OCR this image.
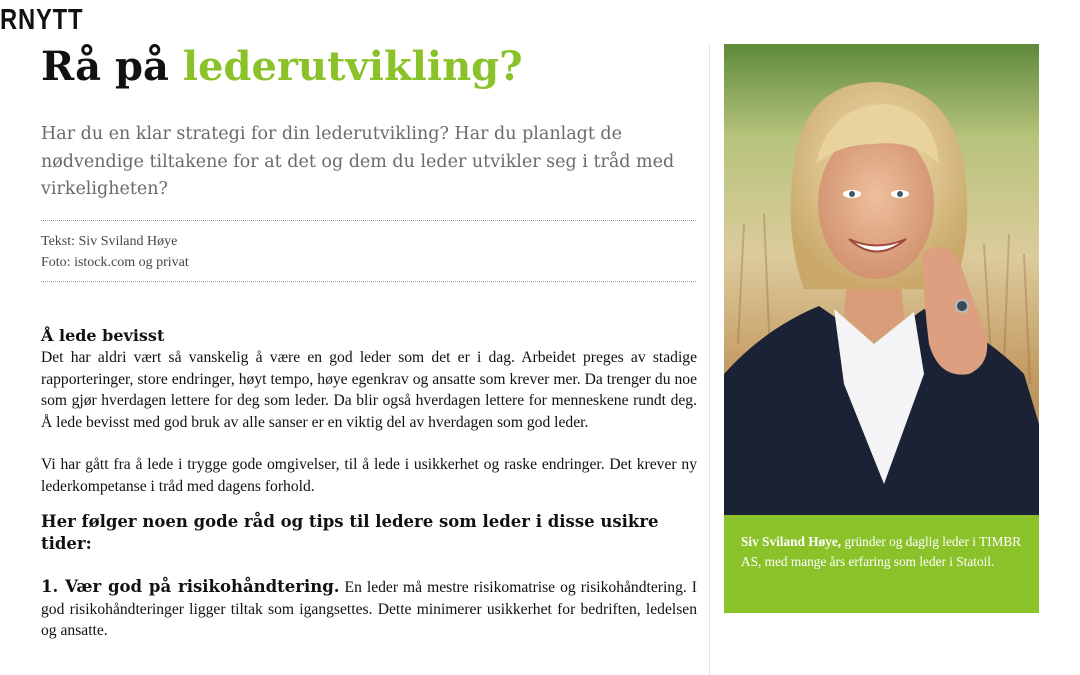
RNYTT
Rå på lederutvikling?

Har du en klar strategi for din lederutvikling? Har du planlagt de nødvendige tiltakene for at det og dem du leder utvikler seg i tråd med virkeligheten?

Tekst: Siv Sviland Høye
Foto: istock.com og privat
Å lede bevisst

Det har aldri vært så vanskelig å være en god leder som det er i dag. Arbeidet preges av stadige rapporteringer, store endringer, høyt tempo, høye egenkrav og ansatte som krever mer. Da trenger du noe som gjør hverdagen lettere for deg som leder. Da blir også hverdagen lettere for menneskene rundt deg. Å lede bevisst med god bruk av alle sanser er en viktig del av hverdagen som god leder.

Vi har gått fra å lede i trygge gode omgivelser, til å lede i usikkerhet og raske endringer. Det krever ny lederkompetanse i tråd med dagens forhold.

Her følger noen gode råd og tips til ledere som leder i disse usikre tider:

1. Vær god på risikohåndtering. En leder må mestre risikomatrise og risikohåndtering. I god risikohåndteringer ligger tiltak som igangsettes. Dette minimerer usikkerhet for bedriften, ledelsen og ansatte.

Siv Sviland Høye, gründer og daglig leder i TIMBR AS, med mange års erfaring som leder i Statoil.
